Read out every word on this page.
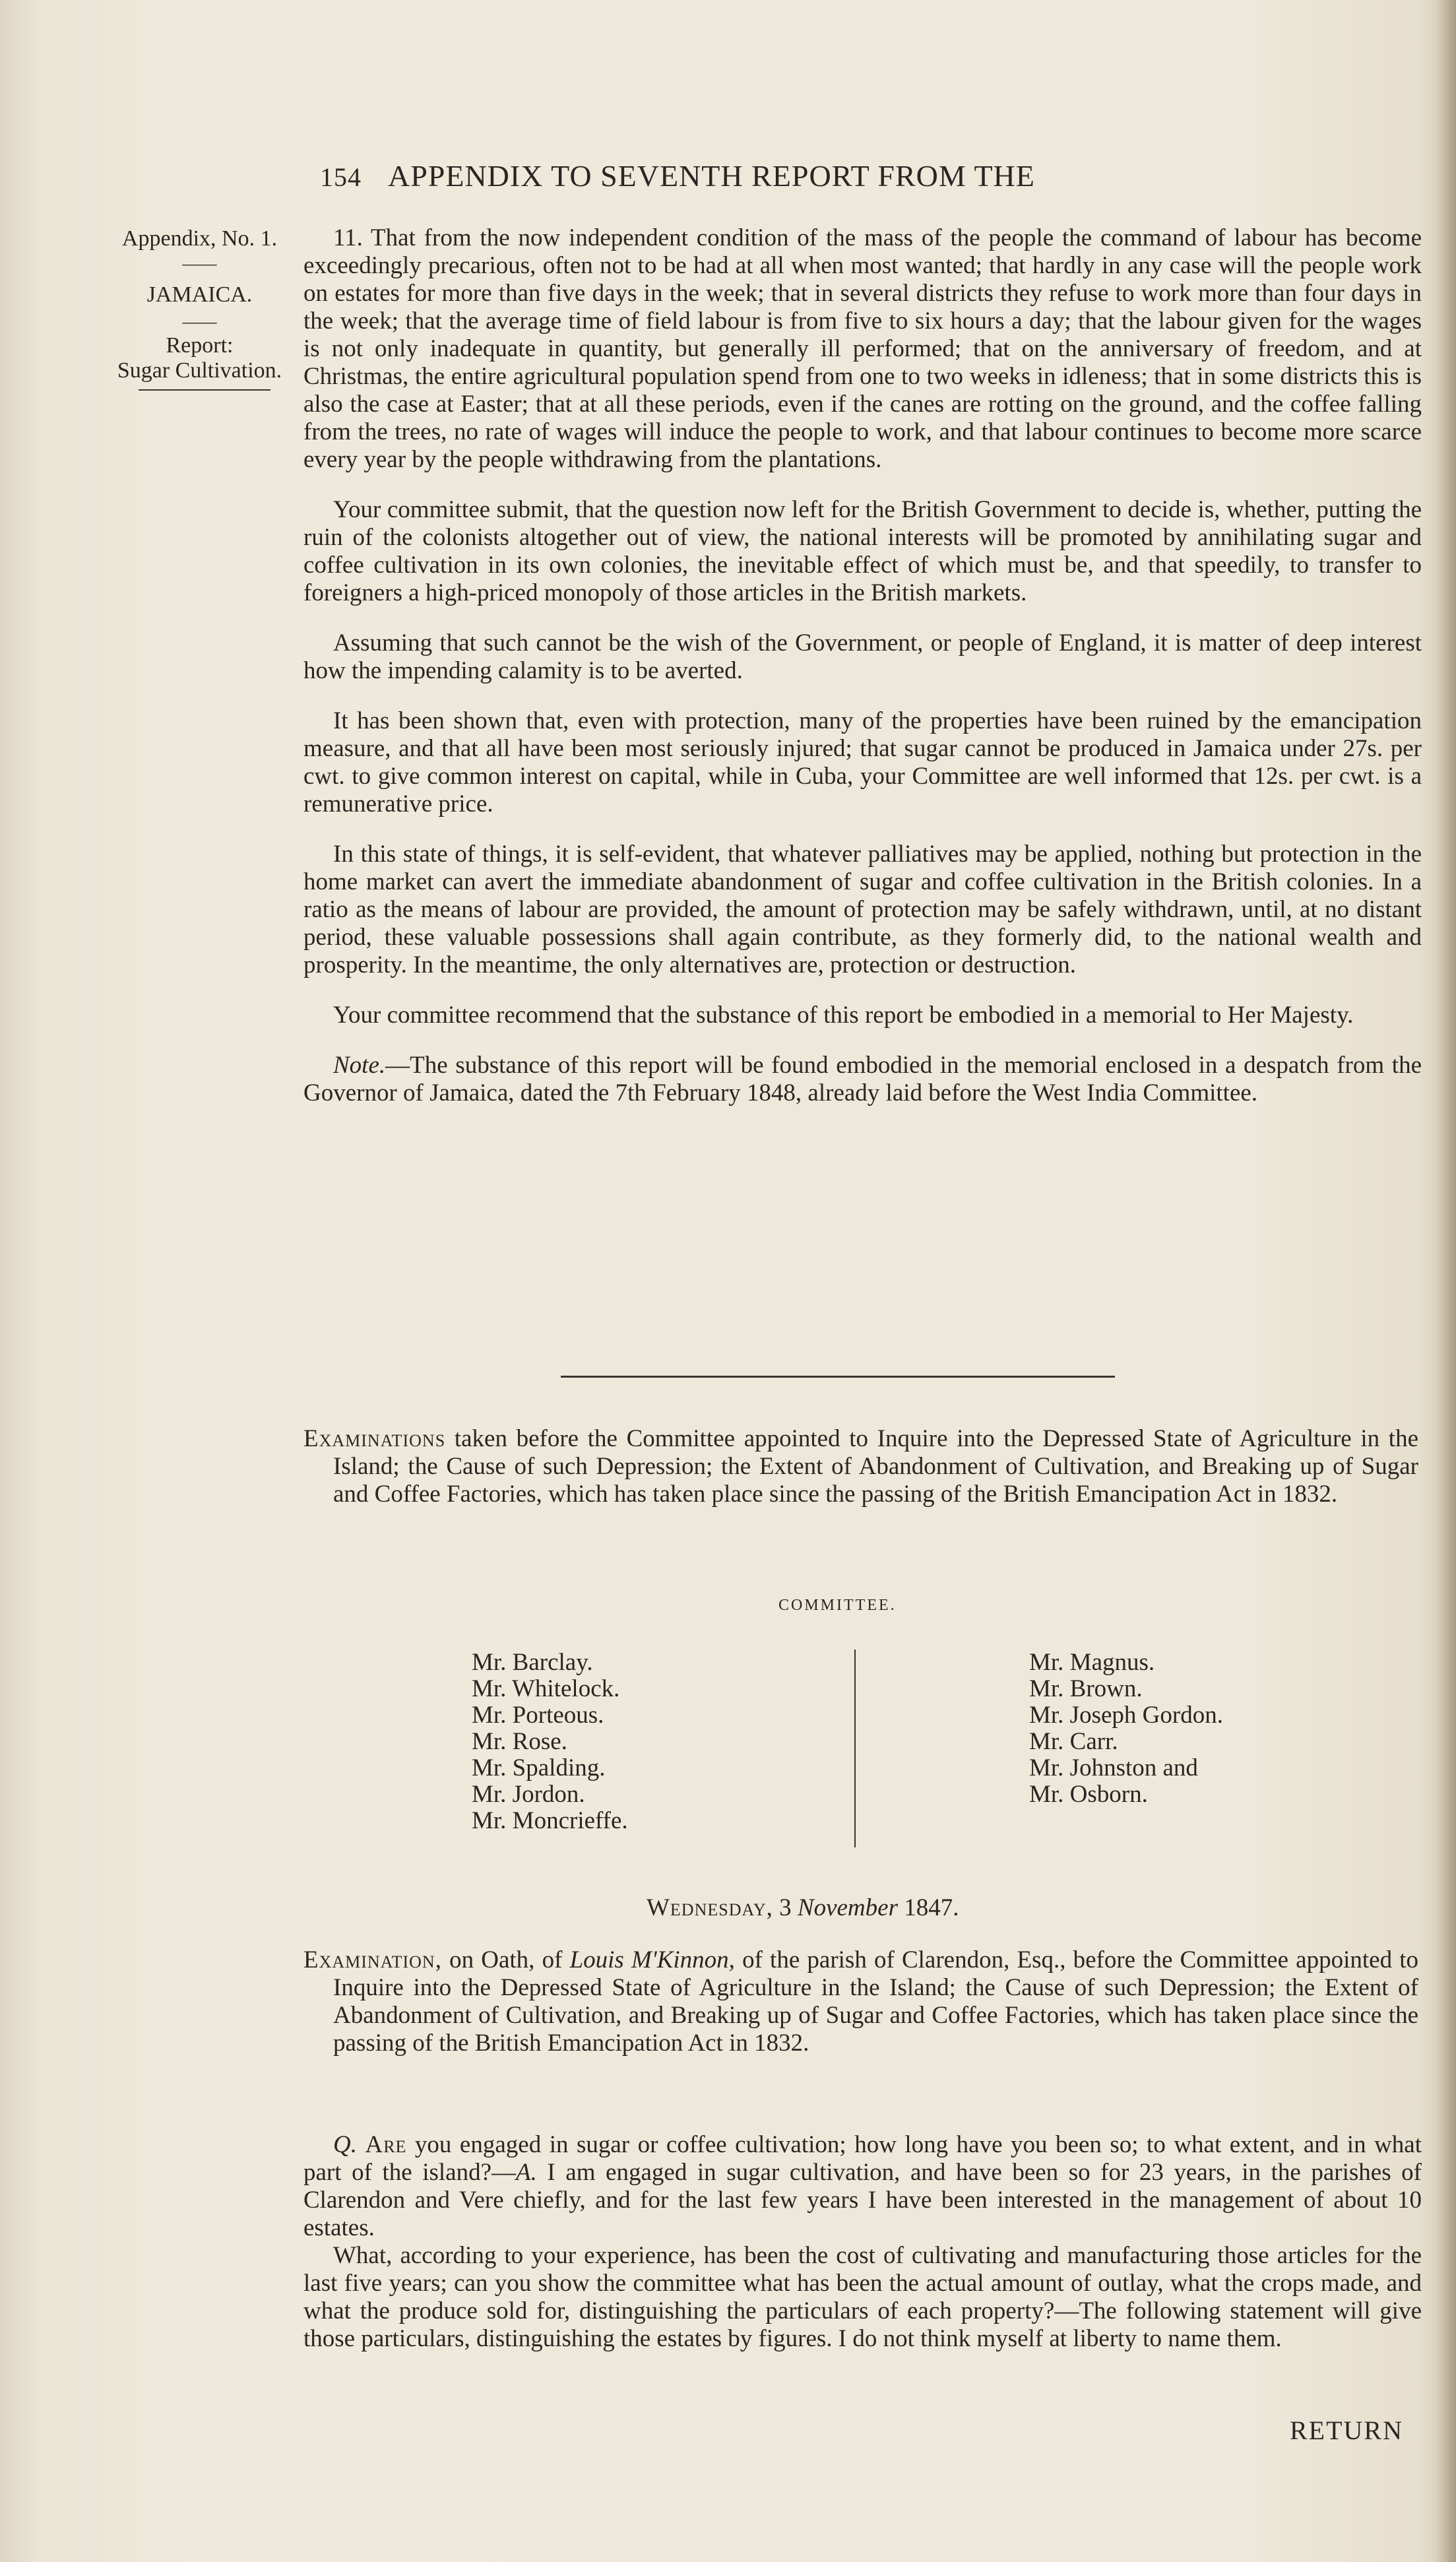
154 APPENDIX TO SEVENTH REPORT FROM THE
Appendix, No. 1.
——
JAMAICA.
——
Report:
Sugar Cultivation.

11. That from the now independent condition of the mass of the people the command of labour has become exceedingly precarious, often not to be had at all when most wanted; that hardly in any case will the people work on estates for more than five days in the week; that in several districts they refuse to work more than four days in the week; that the average time of field labour is from five to six hours a day; that the labour given for the wages is not only inadequate in quantity, but generally ill performed; that on the anniversary of freedom, and at Christmas, the entire agricultural population spend from one to two weeks in idleness; that in some districts this is also the case at Easter; that at all these periods, even if the canes are rotting on the ground, and the coffee falling from the trees, no rate of wages will induce the people to work, and that labour continues to become more scarce every year by the people withdrawing from the plantations.

Your committee submit, that the question now left for the British Government to decide is, whether, putting the ruin of the colonists altogether out of view, the national interests will be promoted by annihilating sugar and coffee cultivation in its own colonies, the inevitable effect of which must be, and that speedily, to transfer to foreigners a high-priced monopoly of those articles in the British markets.

Assuming that such cannot be the wish of the Government, or people of England, it is matter of deep interest how the impending calamity is to be averted.

It has been shown that, even with protection, many of the properties have been ruined by the emancipation measure, and that all have been most seriously injured; that sugar cannot be produced in Jamaica under 27s. per cwt. to give common interest on capital, while in Cuba, your Committee are well informed that 12s. per cwt. is a remunerative price.

In this state of things, it is self-evident, that whatever palliatives may be applied, nothing but protection in the home market can avert the immediate abandonment of sugar and coffee cultivation in the British colonies. In a ratio as the means of labour are provided, the amount of protection may be safely withdrawn, until, at no distant period, these valuable possessions shall again contribute, as they formerly did, to the national wealth and prosperity. In the meantime, the only alternatives are, protection or destruction.

Your committee recommend that the substance of this report be embodied in a memorial to Her Majesty.

Note.—The substance of this report will be found embodied in the memorial enclosed in a despatch from the Governor of Jamaica, dated the 7th February 1848, already laid before the West India Committee.

Examinations taken before the Committee appointed to Inquire into the Depressed State of Agriculture in the Island; the Cause of such Depression; the Extent of Abandonment of Cultivation, and Breaking up of Sugar and Coffee Factories, which has taken place since the passing of the British Emancipation Act in 1832.
COMMITTEE.
Mr. Barclay.
Mr. Whitelock.
Mr. Porteous.
Mr. Rose.
Mr. Spalding.
Mr. Jordon.
Mr. Moncrieffe.
Mr. Magnus.
Mr. Brown.
Mr. Joseph Gordon.
Mr. Carr.
Mr. Johnston and
Mr. Osborn.
Wednesday, 3 November 1847.
Examination, on Oath, of Louis M'Kinnon, of the parish of Clarendon, Esq., before the Committee appointed to Inquire into the Depressed State of Agriculture in the Island; the Cause of such Depression; the Extent of Abandonment of Cultivation, and Breaking up of Sugar and Coffee Factories, which has taken place since the passing of the British Emancipation Act in 1832.

Q. Are you engaged in sugar or coffee cultivation; how long have you been so; to what extent, and in what part of the island?—A. I am engaged in sugar cultivation, and have been so for 23 years, in the parishes of Clarendon and Vere chiefly, and for the last few years I have been interested in the management of about 10 estates.

What, according to your experience, has been the cost of cultivating and manufacturing those articles for the last five years; can you show the committee what has been the actual amount of outlay, what the crops made, and what the produce sold for, distinguishing the particulars of each property?—The following statement will give those particulars, distinguishing the estates by figures. I do not think myself at liberty to name them.

RETURN
